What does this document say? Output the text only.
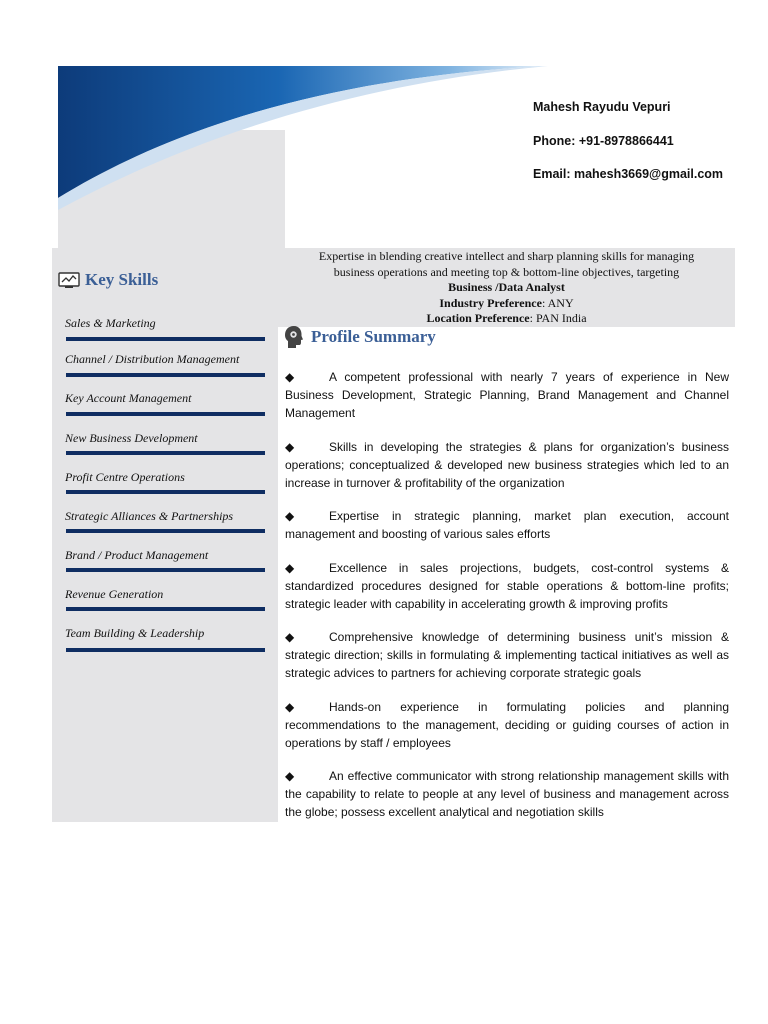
Mahesh Rayudu Vepuri
Phone: +91-8978866441
Email: mahesh3669@gmail.com
Expertise in blending creative intellect and sharp planning skills for managing
business operations and meeting top & bottom-line objectives, targeting
Business /Data Analyst
Industry Preference: ANY
Location Preference: PAN India
Key Skills
Sales & Marketing
Channel / Distribution Management
Key Account Management
New Business Development
Profit Centre Operations
Strategic Alliances & Partnerships
Brand / Product Management
Revenue Generation
Team Building & Leadership
Profile Summary
◆	A competent professional with nearly 7 years of experience in New Business Development, Strategic Planning, Brand Management and Channel Management
◆	Skills in developing the strategies & plans for organization’s business operations; conceptualized & developed new business strategies which led to an increase in turnover & profitability of the organization
◆	Expertise in strategic planning, market plan execution, account management and boosting of various sales efforts
◆	Excellence in sales projections, budgets, cost-control systems & standardized procedures designed for stable operations & bottom-line profits; strategic leader with capability in accelerating growth & improving profits
◆	Comprehensive knowledge of determining business unit’s mission & strategic direction; skills in formulating & implementing tactical initiatives as well as strategic advices to partners for achieving corporate strategic goals
◆	Hands-on experience in formulating policies and planning recommendations to the management, deciding or guiding courses of action in operations by staff / employees
◆	An effective communicator with strong relationship management skills with the capability to relate to people at any level of business and management across the globe; possess excellent analytical and negotiation skills
